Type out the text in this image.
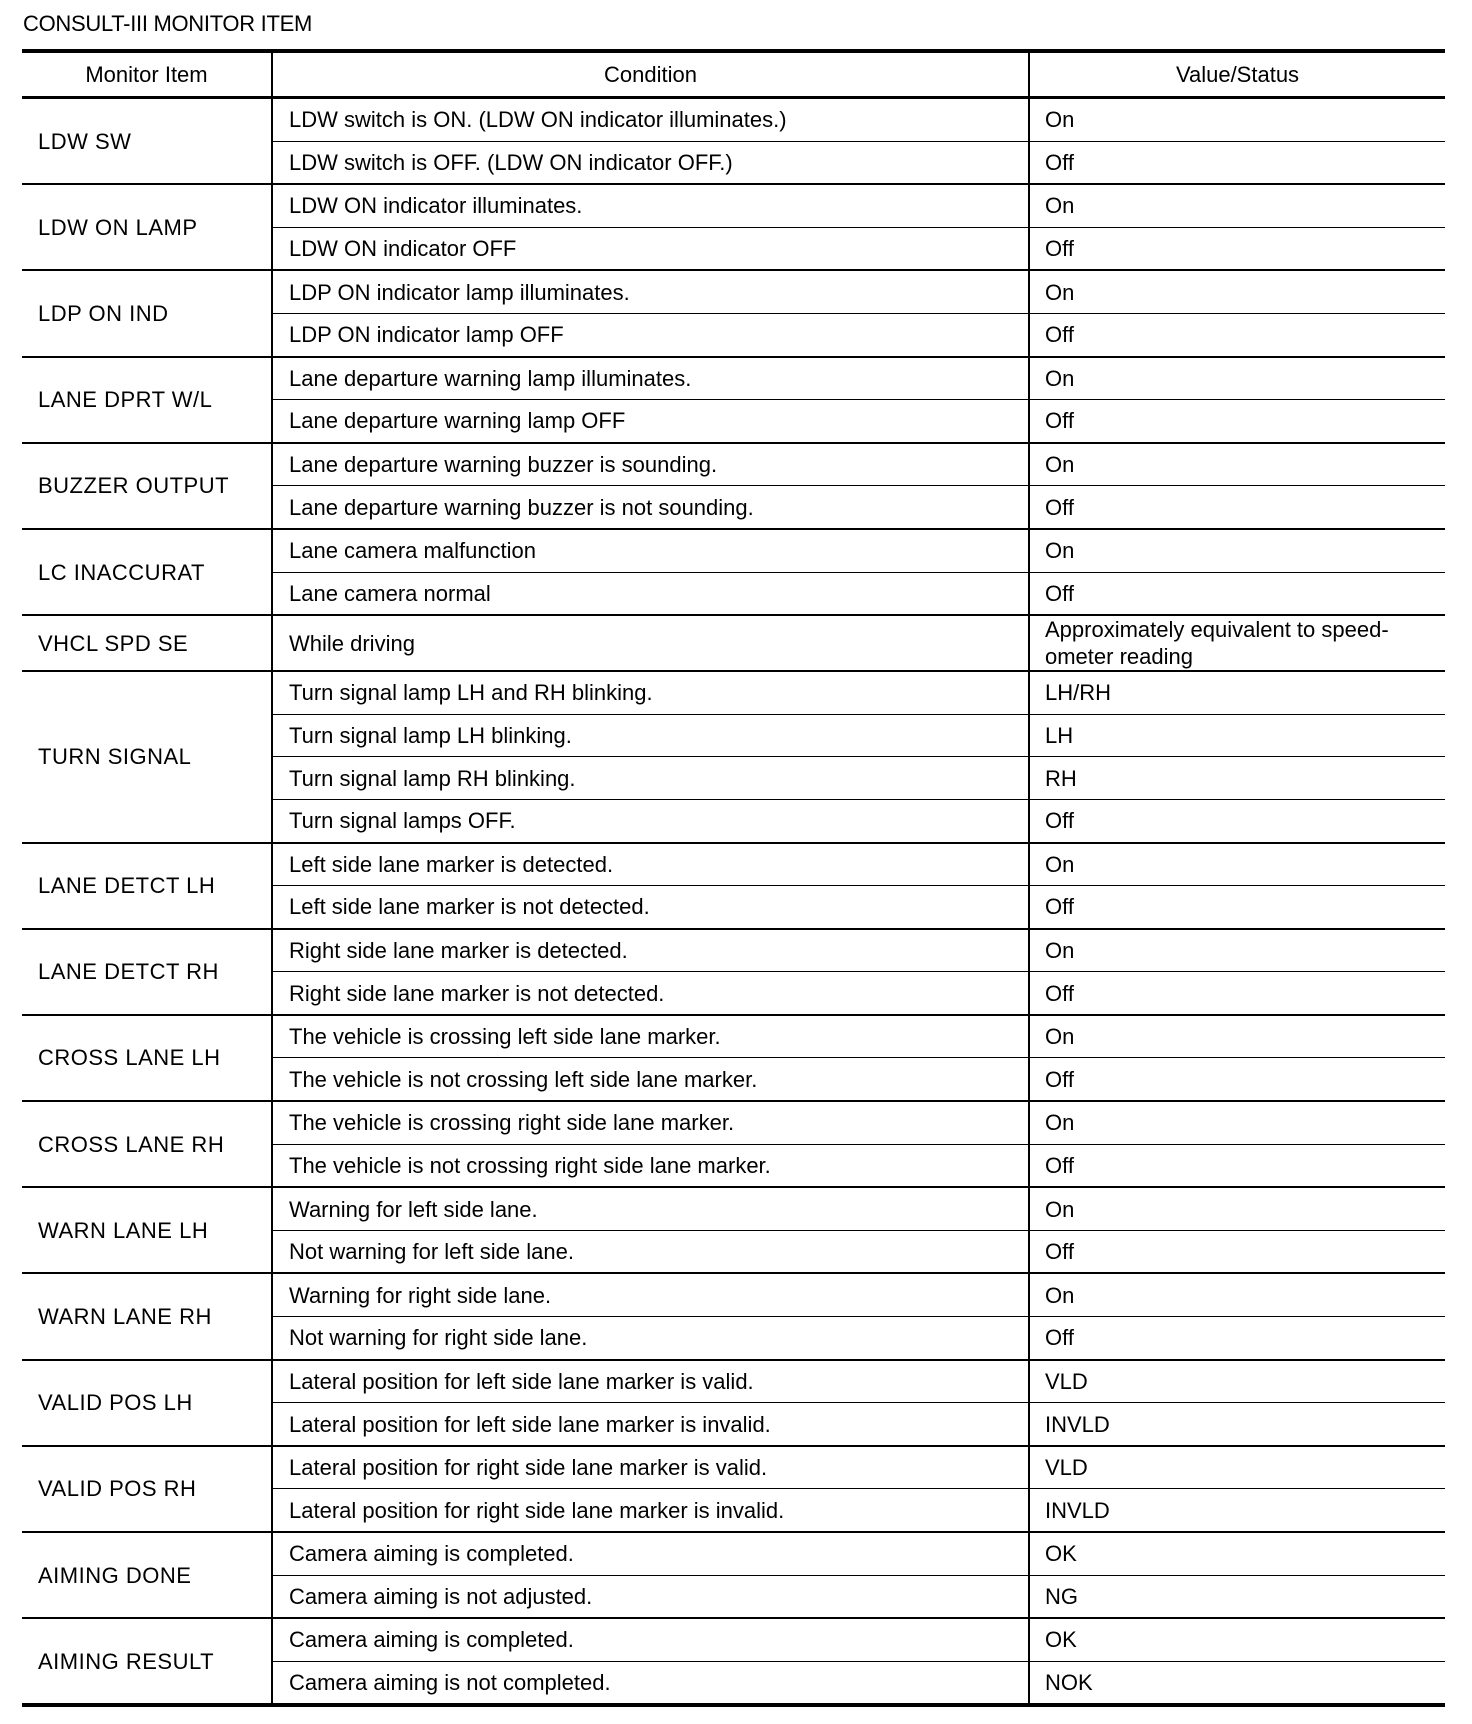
CONSULT-III MONITOR ITEM
Monitor Item	Condition	Value/Status
LDW SW	LDW switch is ON. (LDW ON indicator illuminates.)	On
	LDW switch is OFF. (LDW ON indicator OFF.)	Off
LDW ON LAMP	LDW ON indicator illuminates.	On
	LDW ON indicator OFF	Off
LDP ON IND	LDP ON indicator lamp illuminates.	On
	LDP ON indicator lamp OFF	Off
LANE DPRT W/L	Lane departure warning lamp illuminates.	On
	Lane departure warning lamp OFF	Off
BUZZER OUTPUT	Lane departure warning buzzer is sounding.	On
	Lane departure warning buzzer is not sounding.	Off
LC INACCURAT	Lane camera malfunction	On
	Lane camera normal	Off
VHCL SPD SE	While driving	Approximately equivalent to speed-ometer reading
TURN SIGNAL	Turn signal lamp LH and RH blinking.	LH/RH
	Turn signal lamp LH blinking.	LH
	Turn signal lamp RH blinking.	RH
	Turn signal lamps OFF.	Off
LANE DETCT LH	Left side lane marker is detected.	On
	Left side lane marker is not detected.	Off
LANE DETCT RH	Right side lane marker is detected.	On
	Right side lane marker is not detected.	Off
CROSS LANE LH	The vehicle is crossing left side lane marker.	On
	The vehicle is not crossing left side lane marker.	Off
CROSS LANE RH	The vehicle is crossing right side lane marker.	On
	The vehicle is not crossing right side lane marker.	Off
WARN LANE LH	Warning for left side lane.	On
	Not warning for left side lane.	Off
WARN LANE RH	Warning for right side lane.	On
	Not warning for right side lane.	Off
VALID POS LH	Lateral position for left side lane marker is valid.	VLD
	Lateral position for left side lane marker is invalid.	INVLD
VALID POS RH	Lateral position for right side lane marker is valid.	VLD
	Lateral position for right side lane marker is invalid.	INVLD
AIMING DONE	Camera aiming is completed.	OK
	Camera aiming is not adjusted.	NG
AIMING RESULT	Camera aiming is completed.	OK
	Camera aiming is not completed.	NOK
